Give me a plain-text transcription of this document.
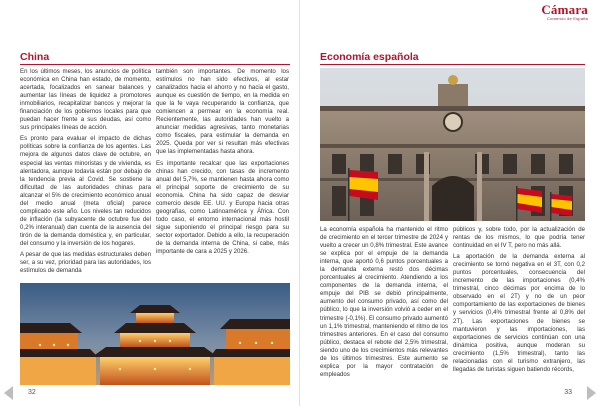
China

En los últimos meses, los anuncios de política económica en China han estado, de momento, acertada, focalizados en sanear balances y aumentar las líneas de liquidez a promotores inmobiliarios, recapitalizar bancos y mejorar la financiación de los gobiernos locales para que puedan hacer frente a sus deudas, así como sus principales líneas de acción.

Es pronto para evaluar el impacto de dichas políticas sobre la confianza de los agentes. Las mejora de algunos datos clave de octubre, en especial las ventas minoristas y de vivienda, es alentadora, aunque todavía están por debajo de la tendencia previa al Covid. Se sostiene la dificultad de las autoridades chinas para alcanzar el 5% de crecimiento económico anual del medio anual (meta oficial) parece complicado este año. Los niveles tan reducidos de inflación (la subyacente de octubre fue del 0,2% interanual) dan cuenta de la ausencia del tirón de la demanda doméstica y, en particular, del consumo y la inversión de los hogares.

A pesar de que las medidas estructurales deben ser, a su vez, prioridad para las autoridades, los estímulos de demanda

también son importantes. De momento los estímulos no han sido efectivos, al estar canalizados hacia el ahorro y no hacia el gasto, aunque es cuestión de tiempo, en la medida en que la fe vaya recuperando la confianza, que comiencen a permear en la economía real. Recientemente, las autoridades han vuelto a anunciar medidas agresivas, tanto monetarias como fiscales, para estimular la demanda en 2025. Queda por ver si resultan más efectivas que las implementadas hasta ahora.

Es importante recalcar que las exportaciones chinas han crecido, con tasas de incremento anual del 5,7%, se mantienen hasta ahora como el principal soporte de crecimiento de su economía. China ha sido capaz de desviar comercio desde EE. UU. y Europa hacia otras geografías, como Latinoamérica y África. Con todo caso, el entorno internacional más hostil sigue suponiendo el principal riesgo para su sector exportador. Debido a ello, la recuperación de la demanda interna de China, si cabe, más importante de cara a 2025 y 2026.

32
Cámara
Comercio de España
Economía española

La economía española ha mantenido el ritmo de crecimiento en el tercer trimestre de 2024 y vuelto a crecer un 0,8% trimestral. Este avance se explica por el empuje de la demanda interna, que aportó 0,6 puntos porcentuales a la demanda externa restó dos décimas porcentuales al crecimiento. Atendiendo a los componentes de la demanda interna, el empuje del PIB se debió principalmente, aumento del consumo privado, así como del público, lo que la inversión volvió a ceder en el trimestre (-0,1%). El consumo privado aumentó un 1,1% trimestral, manteniendo el ritmo de los trimestres anteriores. En el caso del consumo público, destaca el rebote del 2,5% trimestral, siendo uno de los crecimientos más relevantes de los últimos trimestres. Este aumento se explica por la mayor contratación de empleados

públicos y, sobre todo, por la actualización de rentas de los mismos, lo que podría tener continuidad en el IV T, pero no más allá.

La aportación de la demanda externa al crecimiento se tornó negativa en el 3T, con 0,2 puntos porcentuales, consecuencia del incremento de las importaciones (0,4% trimestral, cinco décimas por encima de lo observado en el 2T) y no de un peor comportamiento de las exportaciones de bienes y servicios (0,4% trimestral frente al 0,8% del 2T). Las exportaciones de bienes se mantuvieron y las importaciones, las exportaciones de servicios continúan con una dinámica positiva, aunque moderan su crecimiento (1,5% trimestral), tanto las relacionadas con el turismo extranjero, las llegadas de turistas siguen batiendo récords,

33
